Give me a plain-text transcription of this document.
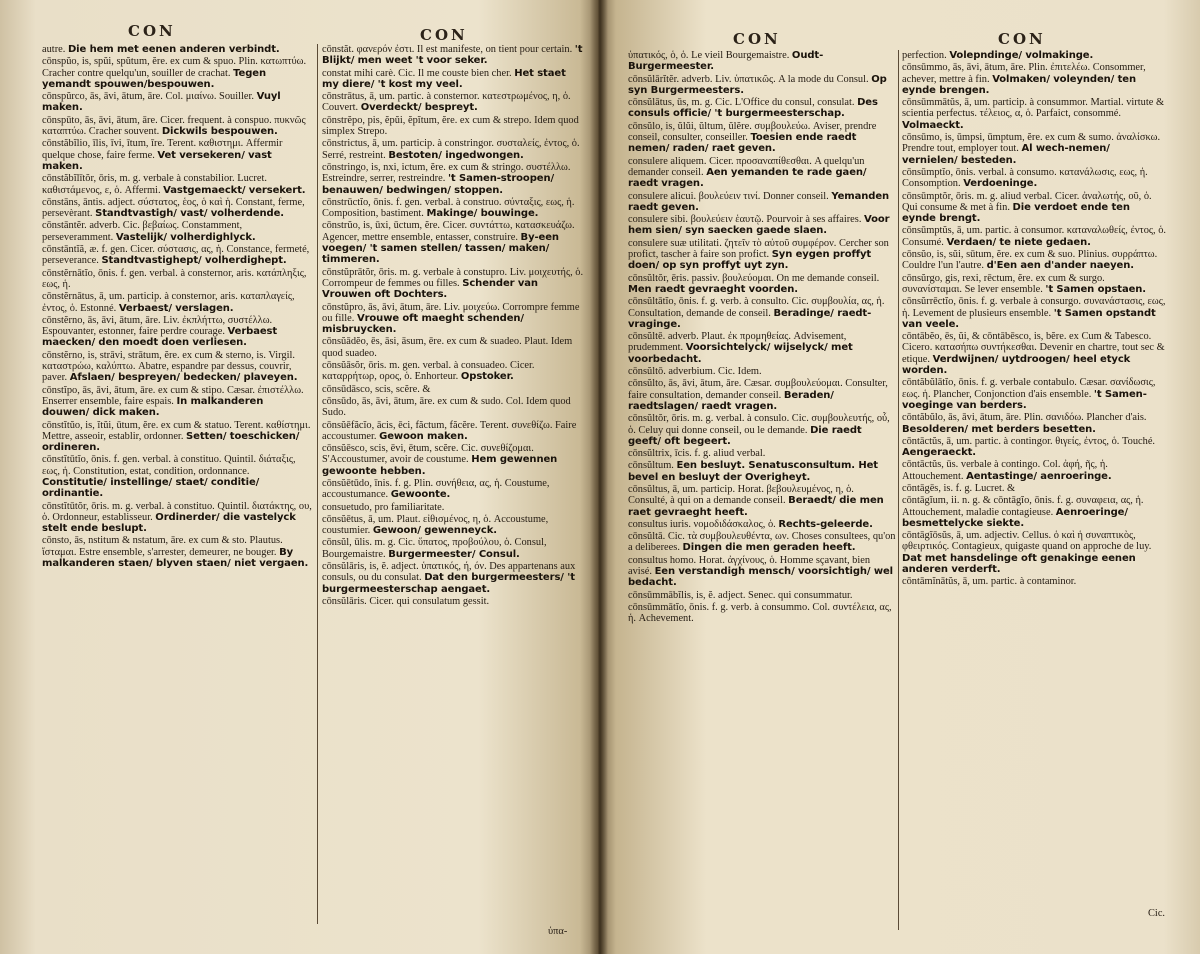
CON	CON
autre. Die hem met eenen anderen verbindt.
cōnspŭo, is, spŭi, spŭtum, ĕre. ex cum & spuo. Plin. κατωπτύω. Cracher contre quelqu'un, souiller de crachat. Tegen yemandt spouwen/bespouwen.
cōnspŭrco, ās, āvi, ātum, āre. Col. μιαίνω. Souiller. Vuyl maken.
cōnspūto, ās, āvi, ātum, āre. Cicer. frequent. à conspuo. πυκνῶς καταπτύω. Cracher souvent. Dickwils bespouwen.
cōnstăbĭlio, īlis, īvi, ītum, īre. Terent. καθιστημι. Affermir quelque chose, faire ferme. Vet versekeren/ vast maken.
cōnstăbĭlītŏr, ōris, m. g. verbale à constabilior. Lucret. καθιστάμενος, ε, ὁ. Affermi. Vastgemaeckt/ versekert.
cōnstāns, āntis. adject. σύστατος, ἑος, ὁ καὶ ἡ. Constant, ferme, persevèrant. Standtvastigh/ vast/ volherdende.
cōnstāntĕr. adverb. Cic. βεβαίως. Constamment, perseveramment. Vastelijk/ volherdighlyck.
cōnstāntĭă, æ. f. gen. Cicer. σύστασις, ας, ἡ. Constance, fermeté, perseverance. Standtvastighept/ volherdighept.
cōnstĕrnātĭo, ōnis. f. gen. verbal. à consternor, aris. κατάπληξις, εως, ἡ.
cōnstĕrnātus, ā, um. particip. à consternor, aris. καταπλαγείς, ἐντος, ὁ. Estonné. Verbaest/ verslagen.
cōnstĕrno, ās, āvi, ātum, āre. Liv. ἐκπλήττω, συστέλλω. Espouvanter, estonner, faire perdre courage. Verbaest maecken/ den moedt doen verliesen.
cōnstĕrno, is, strāvi, strātum, ĕre. ex cum & sterno, is. Virgil. καταστρώω, καλύπτω. Abatre, espandre par dessus, couvrir, paver. Afslaen/ bespreyen/ bedecken/ plaveyen.
cōnstĭpo, ās, āvi, ātum, āre. ex cum & stipo. Cæsar. ἐπιστέλλω. Enserrer ensemble, faire espais. In malkanderen douwen/ dick maken.
cōnstĭtŭo, is, ĭtŭi, ūtum, ĕre. ex cum & statuo. Terent. καθίστημι. Mettre, asseoir, establir, ordonner. Setten/ toeschicken/ ordineren.
cōnstĭtūtĭo, ōnis. f. gen. verbal. à constituo. Quintil. διάταξις, εως, ἡ. Constitution, estat, condition, ordonnance. Constitutie/ instellinge/ staet/ conditie/ ordinantie.
cōnstĭtūtŏr, ōris. m. g. verbal. à constituo. Quintil. διατάκτης, ου, ὁ. Ordonneur, establisseur. Ordinerder/ die vastelyck stelt ende beslupt.
cōnsto, ās, nstitum & nstatum, āre. ex cum & sto. Plautus. ἵσταμαι. Estre ensemble, s'arrester, demeurer, ne bouger. By malkanderen staen/ blyven staen/ niet vergaen.
cōnstăt. φανερόν ἐστι. Il est manifeste, on tient pour certain. 't Blijkt/ men weet 't voor seker.
constat mihi carè. Cic. Il me couste bien cher. Het staet my diere/ 't kost my veel.
cōnstrātus, ā, um. partic. à consternor. κατεστρωμένος, η, ὁ. Couvert. Overdeckt/ bespreyt.
cōnstrĕpo, pis, ĕpŭi, ĕpĭtum, ĕre. ex cum & strepo. Idem quod simplex Strepo.
cōnstrictus, ā, um. particip. à constringor. συσταλείς, ἐντος, ὁ. Serré, restreint. Bestoten/ ingedwongen.
cōnstringo, is, nxi, ictum, ĕre. ex cum & stringo. συστέλλω. Estreindre, serrer, restreindre. 't Samen-stroopen/ benauwen/ bedwingen/ stoppen.
cōnstrūctĭo, ōnis. f. gen. verbal. à construo. σύνταξις, εως, ἡ. Composition, bastiment. Makinge/ bouwinge.
cōnstrŭo, is, ūxi, ūctum, ĕre. Cicer. συντάττω, κατασκευάζω. Agencer, mettre ensemble, entasser, construire. By-een voegen/ 't samen stellen/ tassen/ maken/ timmeren.
cōnstŭprātŏr, ōris. m. g. verbale à constupro. Liv. μοιχευτής, ὁ. Corrompeur de femmes ou filles. Schender van Vrouwen oft Dochters.
cōnstŭpro, ās, āvi, ātum, āre. Liv. μοιχεύω. Corrompre femme ou fille. Vrouwe oft maeght schenden/ misbruycken.
cōnsŭādĕo, ēs, āsi, āsum, ēre. ex cum & suadeo. Plaut. Idem quod suadeo.
cōnsŭāsŏr, ōris. m. gen. verbal. à consuadeo. Cicer. καταρρήτωρ, ορος, ὁ. Enhorteur. Opstoker.
cōnsūdāsco, scis, scĕre. &
cōnsūdo, ās, āvi, ātum, āre. ex cum & sudo. Col. Idem quod Sudo.
cōnsŭēfăcĭo, ācis, ēci, făctum, făcĕre. Terent. συνεθίζω. Faire accoustumer. Gewoon maken.
cōnsŭēsco, scis, ēvi, ētum, scĕre. Cic. συνεθίζομαι. S'Accoustumer, avoir de coustume. Hem gewennen gewoonte hebben.
cōnsŭētūdo, īnis. f. g. Plin. συνήθεια, ας, ἡ. Coustume, accoustumance. Gewoonte.
consuetudo, pro familiaritate.
cōnsŭētus, ā, um. Plaut. εἰθισμένος, η, ὁ. Accoustume, coustumier. Gewoon/ gewenneyck.
cōnsŭl, ūlis. m. g. Cic. ὕπατος, προβούλου, ὁ. Consul, Bourgemaistre. Burgermeester/ Consul.
cōnsŭlāris, is, ĕ. adject. ὑπατικός, ή, όν. Des appartenans aux consuls, ou du consulat. Dat den burgermeesters/ 't burgermeesterschap aengaet.
cōnsŭlāris. Cicer. qui consulatum gessit.
ὑπα-
CON	CON
ὑπατικός, ὁ, ὁ. Le vieil Bourgemaistre. Oudt-Burgermeester.
cōnsŭlārĭtĕr. adverb. Liv. ὑπατικῶς. A la mode du Consul. Op syn Burgermeesters.
cōnsŭlātus, ūs, m. g. Cic. L'Office du consul, consulat. Des consuls officie/ 't burgermeesterschap.
cōnsŭlo, is, ŭlŭi, ŭltum, ŭlĕre. συμβουλεύω. Aviser, prendre conseil, consulter, conseiller. Toesien ende raedt nemen/ raden/ raet geven.
consulere aliquem. Cicer. προσαναπίθεσθαι. A quelqu'un demander conseil. Aen yemanden te rade gaen/ raedt vragen.
consulere alicui. βουλεύειν τινί. Donner conseil. Yemanden raedt geven.
consulere sibi. βουλεύειν ἑαυτῷ. Pourvoir à ses affaires. Voor hem sien/ syn saecken gaede slaen.
consulere suæ utilitati. ζητεῖν τὸ αὐτοῦ συμφέρον. Cercher son profict, tascher à faire son profict. Syn eygen proffyt doen/ op syn proffyt uyt zyn.
cōnsŭltŏr, ēris. passiv. βουλεύομαι. On me demande conseil. Men raedt gevraeght voorden.
cōnsŭltātĭo, ōnis. f. g. verb. à consulto. Cic. συμβουλία, ας, ἡ. Consultation, demande de conseil. Beradinge/ raedt-vraginge.
cōnsŭltē. adverb. Plaut. ἐκ προμηθείας. Advisement, prudemment. Voorsichtelyck/ wijselyck/ met voorbedacht.
cōnsŭltō. adverbium. Cic. Idem.
cōnsŭlto, ās, āvi, ātum, āre. Cæsar. συμβουλεύομαι. Consulter, faire consultation, demander conseil. Beraden/ raedtslagen/ raedt vragen.
cōnsŭltŏr, ōris. m. g. verbal. à consulo. Cic. συμβουλευτής, οὗ, ὁ. Celuy qui donne conseil, ou le demande. Die raedt geeft/ oft begeert.
cōnsŭltrix, īcis. f. g. aliud verbal.
cōnsŭltum. Een besluyt. Senatusconsultum. Het bevel en besluyt der Overigheyt.
cōnsŭltus, ā, um. particip. Horat. βεβουλευμένος, η, ὁ. Consulté, à qui on a demande conseil. Beraedt/ die men raet gevraeght heeft.
consultus iuris. νομοδιδάσκαλος, ὁ. Rechts-geleerde.
cōnsŭltā. Cic. τὰ συμβουλευθέντα, ων. Choses consultees, qu'on a deliberees. Dingen die men geraden heeft.
consultus homo. Horat. ἀγχίνους, ὁ. Homme sçavant, bien avisé. Een verstandigh mensch/ voorsichtigh/ wel bedacht.
cōnsūmmābĭlis, is, ĕ. adject. Senec. qui consummatur.
cōnsūmmātĭo, ōnis. f. g. verb. à consummo. Col. συντέλεια, ας, ἡ. Achevement.
perfection. Volepndinge/ volmakinge.
cōnsūmmo, ās, āvi, ātum, āre. Plin. ἐπιτελέω. Consommer, achever, mettre à fin. Volmaken/ voleynden/ ten eynde brengen.
cōnsūmmātŭs, ā, um. particip. à consummor. Martial. virtute & scientia perfectus. τέλειος, α, ὁ. Parfaict, consommé. Volmaeckt.
cōnsūmo, is, ūmpsi, ūmptum, ĕre. ex cum & sumo. ἀναλίσκω. Prendre tout, employer tout. Al wech-nemen/ vernielen/ besteden.
cōnsūmptĭo, ōnis. verbal. à consumo. κατανάλωσις, εως, ἡ. Consomption. Verdoeninge.
cōnsūmptŏr, ōris. m. g. aliud verbal. Cicer. ἀναλωτής, οῦ, ὁ. Qui consume & met à fin. Die verdoet ende ten eynde brengt.
cōnsūmptŭs, ā, um. partic. à consumor. καταναλωθείς, ἐντος, ὁ. Consumé. Verdaen/ te niete gedaen.
cōnsŭo, is, sŭi, sūtum, ĕre. ex cum & suo. Plinius. συρράπτω. Couldre l'un l'autre. d'Een aen d'ander naeyen.
cōnsŭrgo, gis, rexi, rēctum, ĕre. ex cum & surgo. συνανίσταμαι. Se lever ensemble. 't Samen opstaen.
cōnsŭrrēctĭo, ōnis. f. g. verbale à consurgo. συνανάστασις, εως, ἡ. Levement de plusieurs ensemble. 't Samen opstandt van veele.
cōntābĕo, ēs, ŭi, & cōntābēsco, is, bĕre. ex Cum & Tabesco. Cicero. κατασήπω συντήκεσθαι. Devenir en chartre, tout sec & etique. Verdwijnen/ uytdroogen/ heel etyck worden.
cōntăbŭlātĭo, ōnis. f. g. verbale contabulo. Cæsar. σανίδωσις, εως. ἡ. Plancher, Conjonction d'ais ensemble. 't Samen-voeginge van berders.
cōntăbŭlo, ās, āvi, ātum, āre. Plin. σανιδόω. Plancher d'ais. Besolderen/ met berders besetten.
cōntāctŭs, ā, um. partic. à contingor. θιγείς, ἐντος, ὁ. Touché. Aengeraeckt.
cōntāctŭs, ūs. verbale à contingo. Col. ἀφή, ῆς, ἡ. Attouchement. Aentastinge/ aenroeringe.
cōntāgēs, is. f. g. Lucret. &
cōntāgĭum, ii. n. g. & cōntāgĭo, ōnis. f. g. συναφεια, ας, ἡ. Attouchement, maladie contagieuse. Aenroeringe/ besmettelycke siekte.
cōntāgĭōsŭs, ā, um. adjectiv. Cellus. ὁ καὶ ἡ συναπτικὸς, φθειρτικός. Contagieux, quigaste quand on approche de luy. Dat met hansdelinge oft genakinge eenen anderen verderft.
cōntāmĭnātŭs, ā, um. partic. à contaminor.
Cic.
